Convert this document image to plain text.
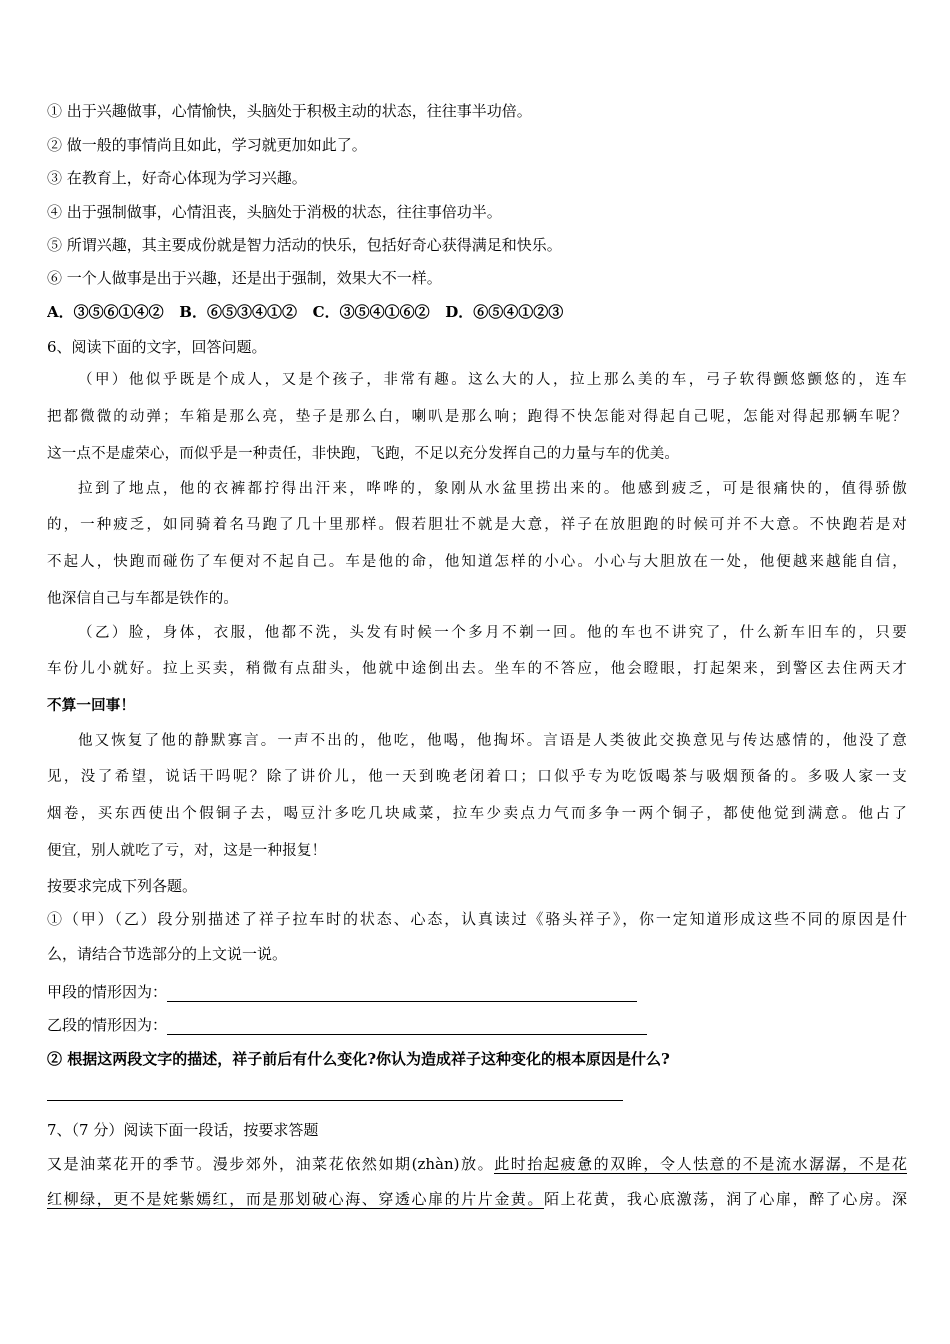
① 出于兴趣做事，心情愉快，头脑处于积极主动的状态，往往事半功倍。
② 做一般的事情尚且如此，学习就更加如此了。
③ 在教育上，好奇心体现为学习兴趣。
④ 出于强制做事，心情沮丧，头脑处于消极的状态，往往事倍功半。
⑤ 所谓兴趣，其主要成份就是智力活动的快乐，包括好奇心获得满足和快乐。
⑥ 一个人做事是出于兴趣，还是出于强制，效果大不一样。
A．③⑤⑥①④②   B．⑥⑤③④①②   C．③⑤④①⑥②   D．⑥⑤④①②③
6、阅读下面的文字，回答问题。
（甲）他似乎既是个成人，又是个孩子，非常有趣。这么大的人，拉上那么美的车，弓子软得颤悠颤悠的，连车
把都微微的动弹；车箱是那么亮，垫子是那么白，喇叭是那么响；跑得不快怎能对得起自己呢，怎能对得起那辆车呢？
这一点不是虚荣心，而似乎是一种责任，非快跑，飞跑，不足以充分发挥自己的力量与车的优美。
拉到了地点，他的衣裤都拧得出汗来，哗哗的，象刚从水盆里捞出来的。他感到疲乏，可是很痛快的，值得骄傲
的，一种疲乏，如同骑着名马跑了几十里那样。假若胆壮不就是大意，祥子在放胆跑的时候可并不大意。不快跑若是对
不起人，快跑而碰伤了车便对不起自己。车是他的命，他知道怎样的小心。小心与大胆放在一处，他便越来越能自信，
他深信自己与车都是铁作的。
（乙）脸，身体，衣服，他都不洗，头发有时候一个多月不剃一回。他的车也不讲究了，什么新车旧车的，只要
车份儿小就好。拉上买卖，稍微有点甜头，他就中途倒出去。坐车的不答应，他会瞪眼，打起架来，到警区去住两天才
不算一回事！
他又恢复了他的静默寡言。一声不出的，他吃，他喝，他掏坏。言语是人类彼此交换意见与传达感情的，他没了意
见，没了希望，说话干吗呢？除了讲价儿，他一天到晚老闭着口；口似乎专为吃饭喝茶与吸烟预备的。多吸人家一支
烟卷，买东西使出个假铜子去，喝豆汁多吃几块咸菜，拉车少卖点力气而多争一两个铜子，都使他觉到满意。他占了
便宜，别人就吃了亏，对，这是一种报复！
按要求完成下列各题。
①（甲）（乙）段分别描述了祥子拉车时的状态、心态，认真读过《骆头祥子》，你一定知道形成这些不同的原因是什
么，请结合节选部分的上文说一说。
甲段的情形因为：
乙段的情形因为：
② 根据这两段文字的描述，祥子前后有什么变化?你认为造成祥子这种变化的根本原因是什么?
7、（7 分）阅读下面一段话，按要求答题
又是油菜花开的季节。漫步郊外，油菜花依然如期(zhàn)放。此时抬起疲惫的双眸，令人怯意的不是流水潺潺，不是花
红柳绿，更不是姹紫嫣红，而是那划破心海、穿透心扉的片片金黄。陌上花黄，我心底激荡，润了心扉，醉了心房。深
